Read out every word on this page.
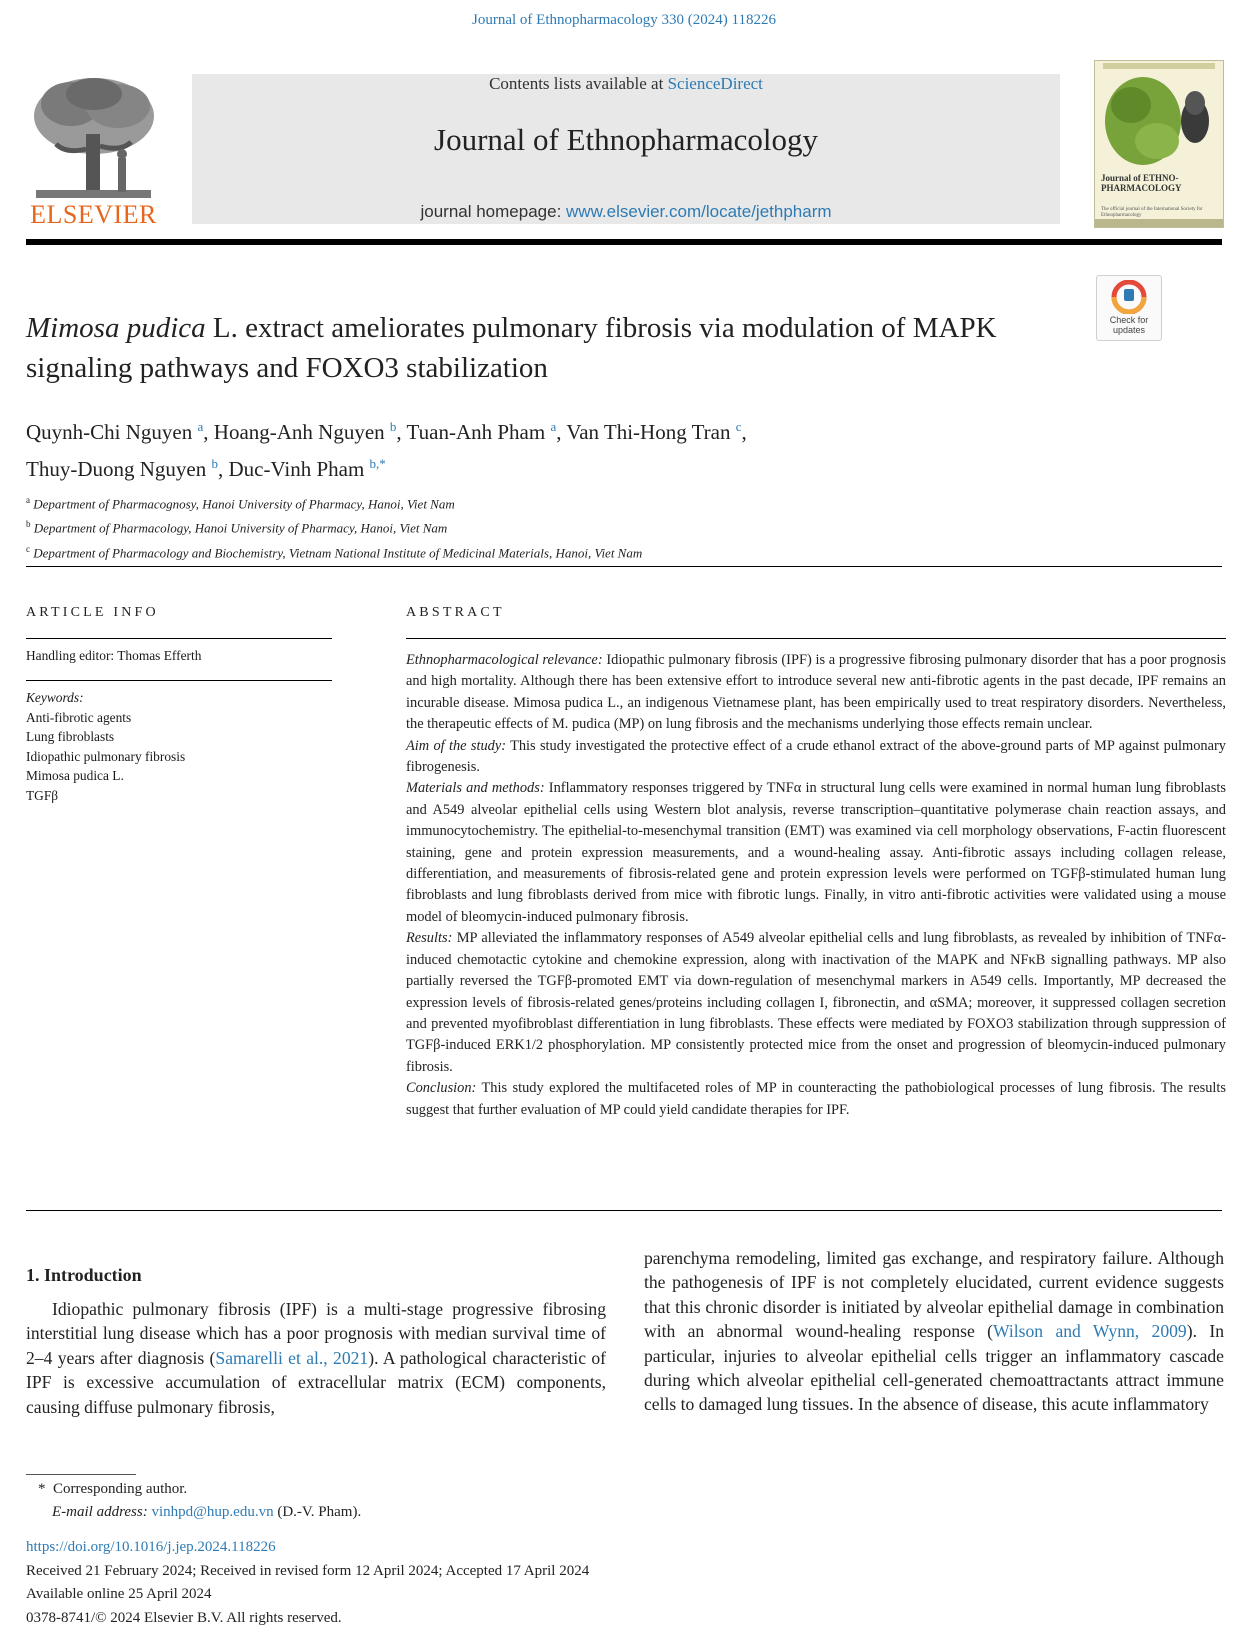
Journal of Ethnopharmacology 330 (2024) 118226
ELSEVIER
Contents lists available at ScienceDirect
Journal of Ethnopharmacology
journal homepage: www.elsevier.com/locate/jethpharm
Journal of ETHNO- PHARMACOLOGY
The official journal of the International Society for Ethnopharmacology
Check for updates
Mimosa pudica L. extract ameliorates pulmonary fibrosis via modulation of MAPK signaling pathways and FOXO3 stabilization
Quynh-Chi Nguyen $^a$, Hoang-Anh Nguyen $^b$, Tuan-Anh Pham $^a$, Van Thi-Hong Tran $^c$,
Thuy-Duong Nguyen $^b$, Duc-Vinh Pham $^{b,*}$
$^a$ Department of Pharmacognosy, Hanoi University of Pharmacy, Hanoi, Viet Nam
$^b$ Department of Pharmacology, Hanoi University of Pharmacy, Hanoi, Viet Nam
$^c$ Department of Pharmacology and Biochemistry, Vietnam National Institute of Medicinal Materials, Hanoi, Viet Nam
ARTICLE INFO
Handling editor: Thomas Efferth
Keywords:
Anti-fibrotic agents
Lung fibroblasts
Idiopathic pulmonary fibrosis
Mimosa pudica L.
TGFβ
ABSTRACT

Ethnopharmacological relevance: Idiopathic pulmonary fibrosis (IPF) is a progressive fibrosing pulmonary disorder that has a poor prognosis and high mortality. Although there has been extensive effort to introduce several new anti-fibrotic agents in the past decade, IPF remains an incurable disease. Mimosa pudica L., an indigenous Vietnamese plant, has been empirically used to treat respiratory disorders. Nevertheless, the therapeutic effects of M. pudica (MP) on lung fibrosis and the mechanisms underlying those effects remain unclear.

Aim of the study: This study investigated the protective effect of a crude ethanol extract of the above-ground parts of MP against pulmonary fibrogenesis.

Materials and methods: Inflammatory responses triggered by TNFα in structural lung cells were examined in normal human lung fibroblasts and A549 alveolar epithelial cells using Western blot analysis, reverse transcription–quantitative polymerase chain reaction assays, and immunocytochemistry. The epithelial-to-mesenchymal transition (EMT) was examined via cell morphology observations, F-actin fluorescent staining, gene and protein expression measurements, and a wound-healing assay. Anti-fibrotic assays including collagen release, differentiation, and measurements of fibrosis-related gene and protein expression levels were performed on TGFβ-stimulated human lung fibroblasts and lung fibroblasts derived from mice with fibrotic lungs. Finally, in vitro anti-fibrotic activities were validated using a mouse model of bleomycin-induced pulmonary fibrosis.

Results: MP alleviated the inflammatory responses of A549 alveolar epithelial cells and lung fibroblasts, as revealed by inhibition of TNFα-induced chemotactic cytokine and chemokine expression, along with inactivation of the MAPK and NFκB signalling pathways. MP also partially reversed the TGFβ-promoted EMT via down-regulation of mesenchymal markers in A549 cells. Importantly, MP decreased the expression levels of fibrosis-related genes/proteins including collagen I, fibronectin, and αSMA; moreover, it suppressed collagen secretion and prevented myofibroblast differentiation in lung fibroblasts. These effects were mediated by FOXO3 stabilization through suppression of TGFβ-induced ERK1/2 phosphorylation. MP consistently protected mice from the onset and progression of bleomycin-induced pulmonary fibrosis.

Conclusion: This study explored the multifaceted roles of MP in counteracting the pathobiological processes of lung fibrosis. The results suggest that further evaluation of MP could yield candidate therapies for IPF.

1. Introduction

Idiopathic pulmonary fibrosis (IPF) is a multi-stage progressive fibrosing interstitial lung disease which has a poor prognosis with median survival time of 2–4 years after diagnosis (Samarelli et al., 2021). A pathological characteristic of IPF is excessive accumulation of extracellular matrix (ECM) components, causing diffuse pulmonary fibrosis,

parenchyma remodeling, limited gas exchange, and respiratory failure. Although the pathogenesis of IPF is not completely elucidated, current evidence suggests that this chronic disorder is initiated by alveolar epithelial damage in combination with an abnormal wound-healing response (Wilson and Wynn, 2009). In particular, injuries to alveolar epithelial cells trigger an inflammatory cascade during which alveolar epithelial cell-generated chemoattractants attract immune cells to damaged lung tissues. In the absence of disease, this acute inflammatory

* Corresponding author.
E-mail address: vinhpd@hup.edu.vn (D.-V. Pham).
https://doi.org/10.1016/j.jep.2024.118226
Received 21 February 2024; Received in revised form 12 April 2024; Accepted 17 April 2024
Available online 25 April 2024
0378-8741/© 2024 Elsevier B.V. All rights reserved.
